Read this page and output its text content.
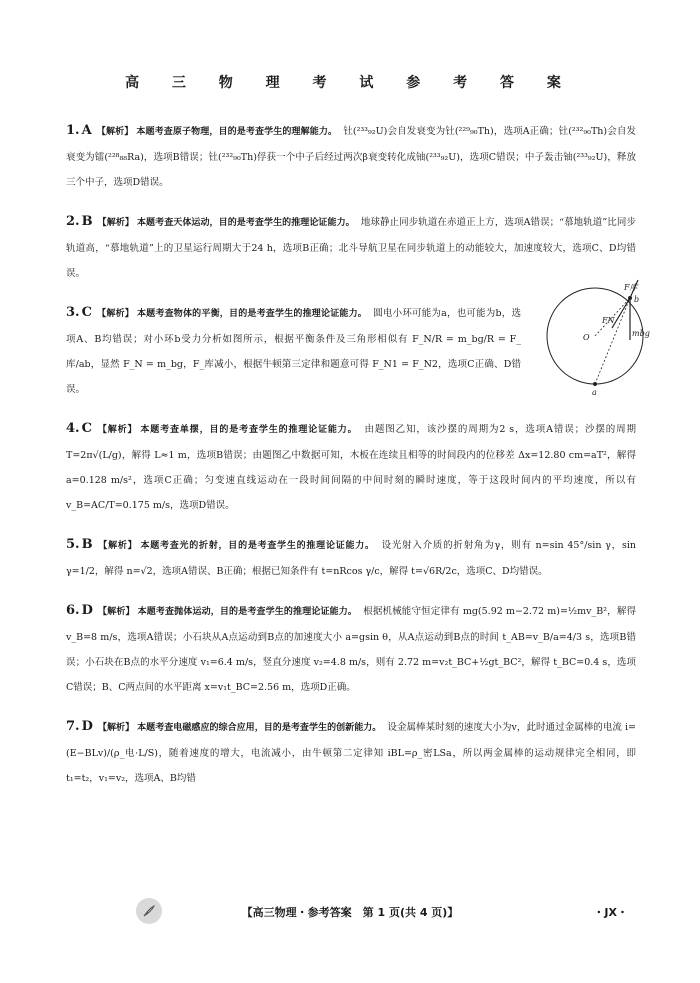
高 三 物 理 考 试 参 考 答 案

1. A 【解析】 本题考查原子物理，目的是考查学生的理解能力。 钍(²³³₉₂U)会自发衰变为钍(²²⁹₉₀Th)，选项A正确；钍(²³²₉₀Th)会自发衰变为镭(²²⁸₈₈Ra)，选项B错误；钍(²³²₉₀Th)俘获一个中子后经过两次β衰变转化成铀(²³³₉₂U)，选项C错误；中子轰击铀(²³³₉₂U)，释放三个中子，选项D错误。

2. B 【解析】 本题考查天体运动，目的是考查学生的推理论证能力。 地球静止同步轨道在赤道正上方，选项A错误；“慕地轨道”比同步轨道高，“慕地轨道”上的卫星运行周期大于24 h，选项B正确；北斗导航卫星在同步轨道上的动能较大，加速度较大，选项C、D均错误。

3. C 【解析】 本题考查物体的平衡，目的是考查学生的推理论证能力。 圆电小环可能为a，也可能为b，选项A、B均错误；对小环b受力分析如图所示，根据平衡条件及三角形相似有 F_N/R = m_bg/R = F_库/ab，显然 F_N = m_bg，F_库减小，根据牛顿第三定律和题意可得 F_N1 = F_N2，选项C正确、D错误。

4. C 【解析】 本题考查单摆，目的是考查学生的推理论证能力。 由题图乙知，该沙摆的周期为2 s，选项A错误；沙摆的周期 T=2π√(L/g)，解得 L≈1 m，选项B错误；由题图乙中数据可知，木板在连续且相等的时间段内的位移差 Δx=12.80 cm=aT²，解得 a=0.128 m/s²，选项C正确；匀变速直线运动在一段时间间隔的中间时刻的瞬时速度，等于这段时间内的平均速度，所以有 v_B=AC/T=0.175 m/s，选项D错误。

5. B 【解析】 本题考查光的折射，目的是考查学生的推理论证能力。 设光射入介质的折射角为γ，则有 n=sin 45°/sin γ，sin γ=1/2，解得 n=√2，选项A错误、B正确；根据已知条件有 t=nRcos γ/c，解得 t=√6R/2c，选项C、D均错误。

6. D 【解析】 本题考查抛体运动，目的是考查学生的推理论证能力。 根据机械能守恒定律有 mg(5.92 m−2.72 m)=½mv_B²，解得 v_B=8 m/s，选项A错误；小石块从A点运动到B点的加速度大小 a=gsin θ，从A点运动到B点的时间 t_AB=v_B/a=4/3 s，选项B错误；小石块在B点的水平分速度 v₁=6.4 m/s，竖直分速度 v₂=4.8 m/s，则有 2.72 m=v₂t_BC+½gt_BC²，解得 t_BC=0.4 s，选项C错误；B、C两点间的水平距离 x=v₁t_BC=2.56 m，选项D正确。

7. D 【解析】 本题考查电磁感应的综合应用，目的是考查学生的创新能力。 设金属棒某时刻的速度大小为v，此时通过金属棒的电流 i=(E−BLv)/(ρ_电·L/S)，随着速度的增大，电流减小，由牛顿第二定律知 iBL=ρ_密LSa，所以两金属棒的运动规律完全相同，即 t₁=t₂，v₁=v₂，选项A、B均错

F库
b
a
O
FN
mbg
【高三物理・参考答案　第 1 页(共 4 页)】	・JX・
